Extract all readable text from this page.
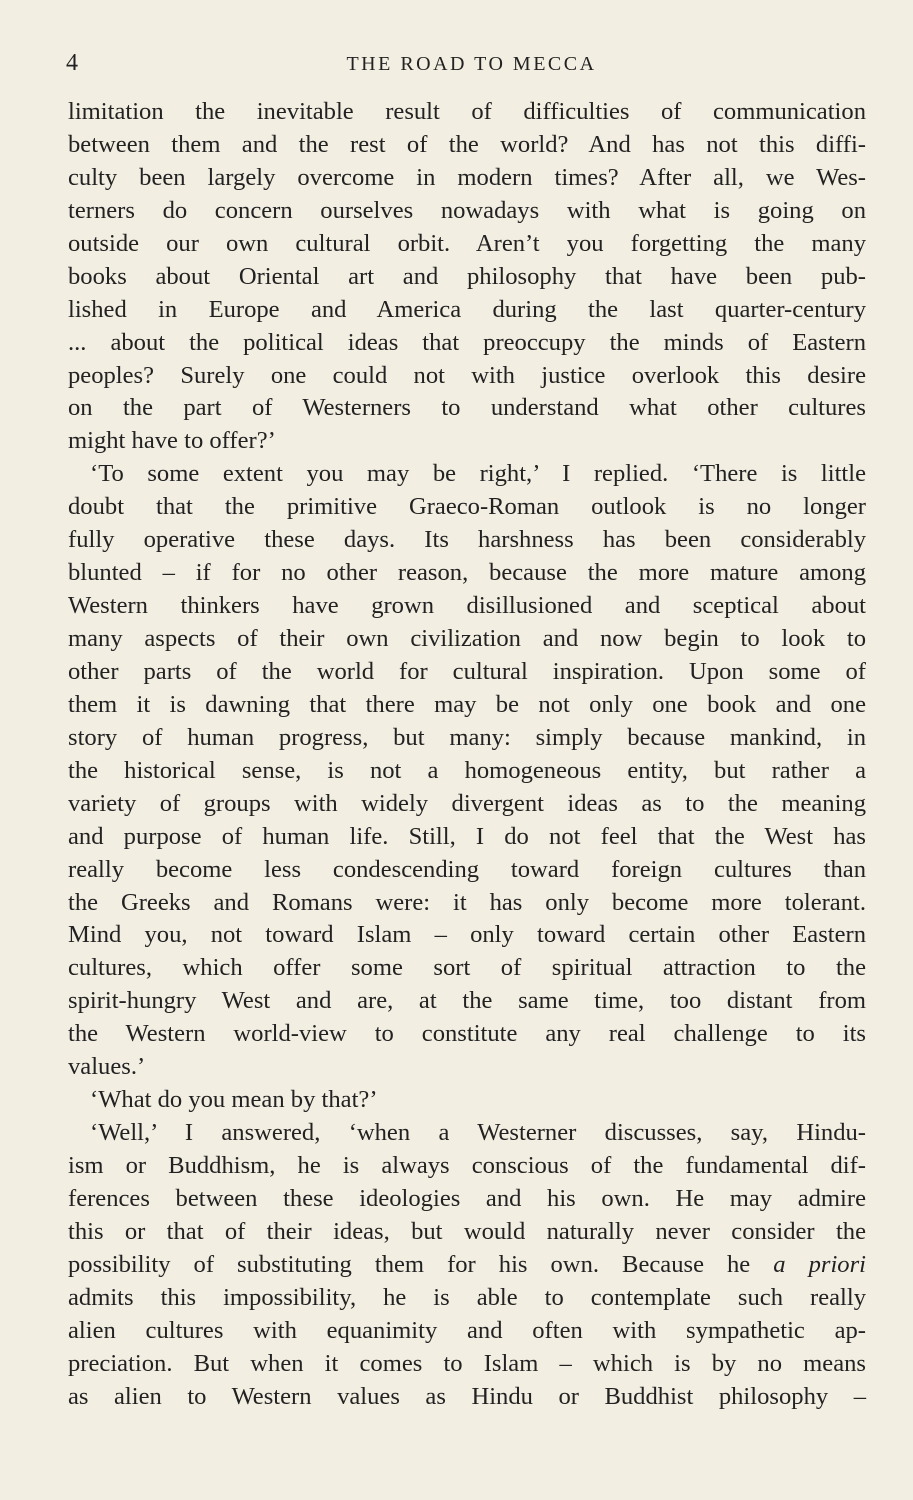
4	THE ROAD TO MECCA
limitation the inevitable result of difficulties of communication
between them and the rest of the world? And has not this diffi-
culty been largely overcome in modern times? After all, we Wes-
terners do concern ourselves nowadays with what is going on
outside our own cultural orbit. Aren’t you forgetting the many
books about Oriental art and philosophy that have been pub-
lished in Europe and America during the last quarter-century
... about the political ideas that preoccupy the minds of Eastern
peoples? Surely one could not with justice overlook this desire
on the part of Westerners to understand what other cultures
might have to offer?’
‘To some extent you may be right,’ I replied. ‘There is little
doubt that the primitive Graeco-Roman outlook is no longer
fully operative these days. Its harshness has been considerably
blunted – if for no other reason, because the more mature among
Western thinkers have grown disillusioned and sceptical about
many aspects of their own civilization and now begin to look to
other parts of the world for cultural inspiration. Upon some of
them it is dawning that there may be not only one book and one
story of human progress, but many: simply because mankind, in
the historical sense, is not a homogeneous entity, but rather a
variety of groups with widely divergent ideas as to the meaning
and purpose of human life. Still, I do not feel that the West has
really become less condescending toward foreign cultures than
the Greeks and Romans were: it has only become more tolerant.
Mind you, not toward Islam – only toward certain other Eastern
cultures, which offer some sort of spiritual attraction to the
spirit-hungry West and are, at the same time, too distant from
the Western world-view to constitute any real challenge to its
values.’
‘What do you mean by that?’
‘Well,’ I answered, ‘when a Westerner discusses, say, Hindu-
ism or Buddhism, he is always conscious of the fundamental dif-
ferences between these ideologies and his own. He may admire
this or that of their ideas, but would naturally never consider the
possibility of substituting them for his own. Because he a priori
admits this impossibility, he is able to contemplate such really
alien cultures with equanimity and often with sympathetic ap-
preciation. But when it comes to Islam – which is by no means
as alien to Western values as Hindu or Buddhist philosophy –
